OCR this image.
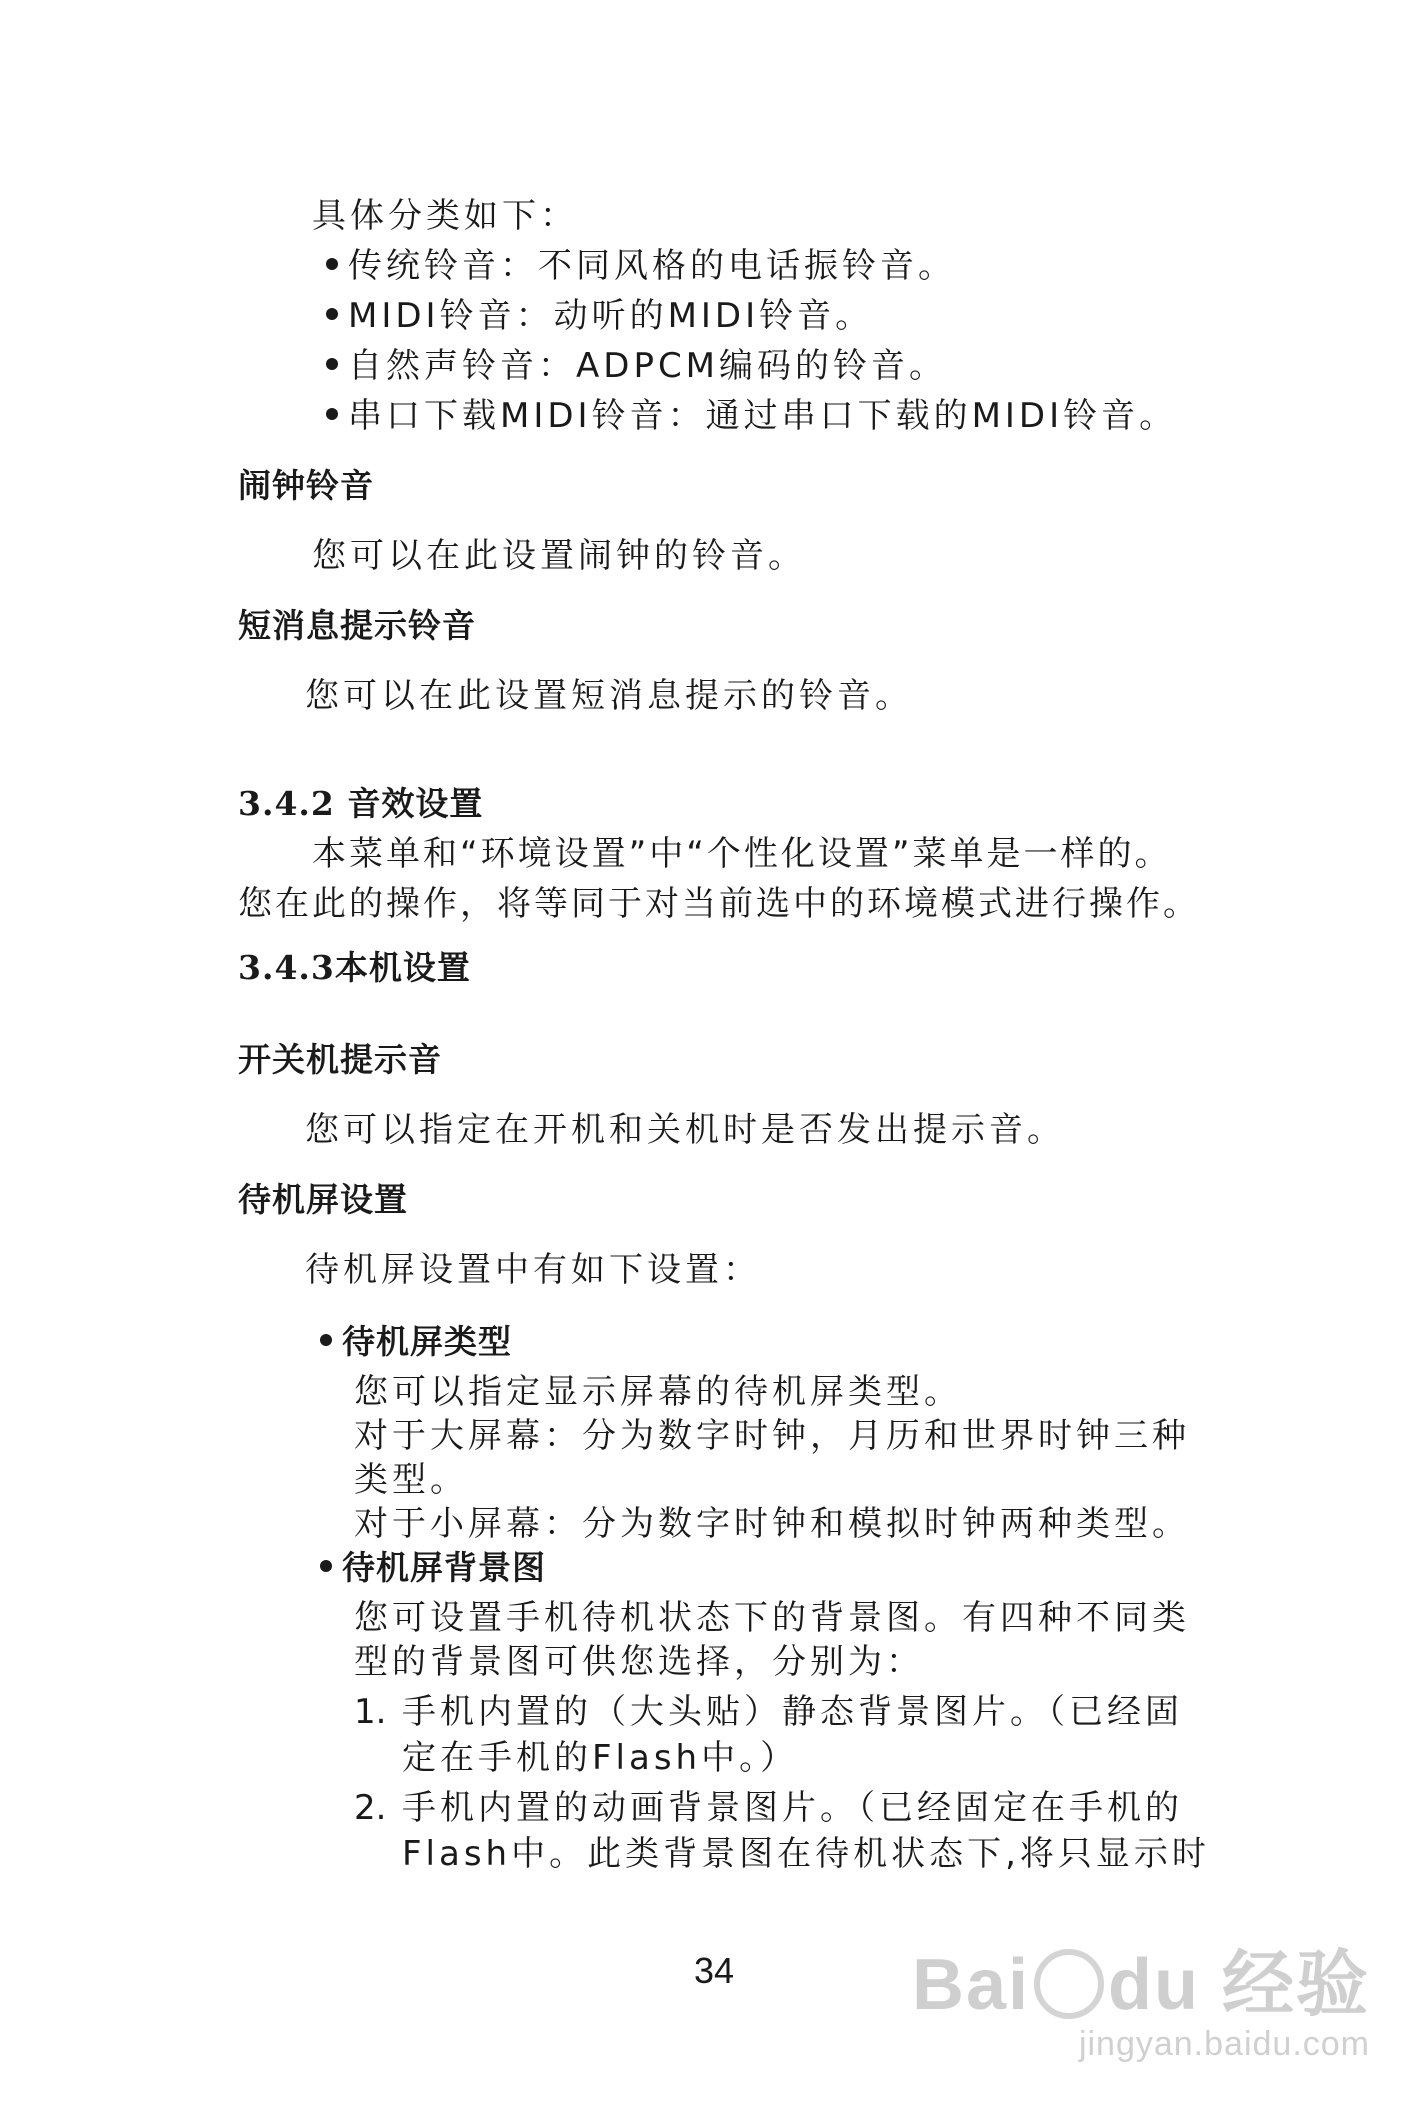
具体分类如下：
传统铃音：不同风格的电话振铃音。
MIDI铃音：动听的MIDI铃音。
自然声铃音：ADPCM编码的铃音。
串口下载MIDI铃音：通过串口下载的MIDI铃音。
闹钟铃音
您可以在此设置闹钟的铃音。
短消息提示铃音
您可以在此设置短消息提示的铃音。
3.4.2 音效设置
本菜单和“环境设置”中“个性化设置”菜单是一样的。
您在此的操作，将等同于对当前选中的环境模式进行操作。
3.4.3本机设置
开关机提示音
您可以指定在开机和关机时是否发出提示音。
待机屏设置
待机屏设置中有如下设置：
待机屏类型
您可以指定显示屏幕的待机屏类型。
对于大屏幕：分为数字时钟，月历和世界时钟三种
类型。
对于小屏幕：分为数字时钟和模拟时钟两种类型。
待机屏背景图
您可设置手机待机状态下的背景图。有四种不同类
型的背景图可供您选择，分别为：
1. 手机内置的（大头贴）静态背景图片。（已经固
定在手机的Flash中。）
2. 手机内置的动画背景图片。（已经固定在手机的
Flash中。此类背景图在待机状态下,将只显示时
34 Bai du 经验
jingyan.baidu.com
